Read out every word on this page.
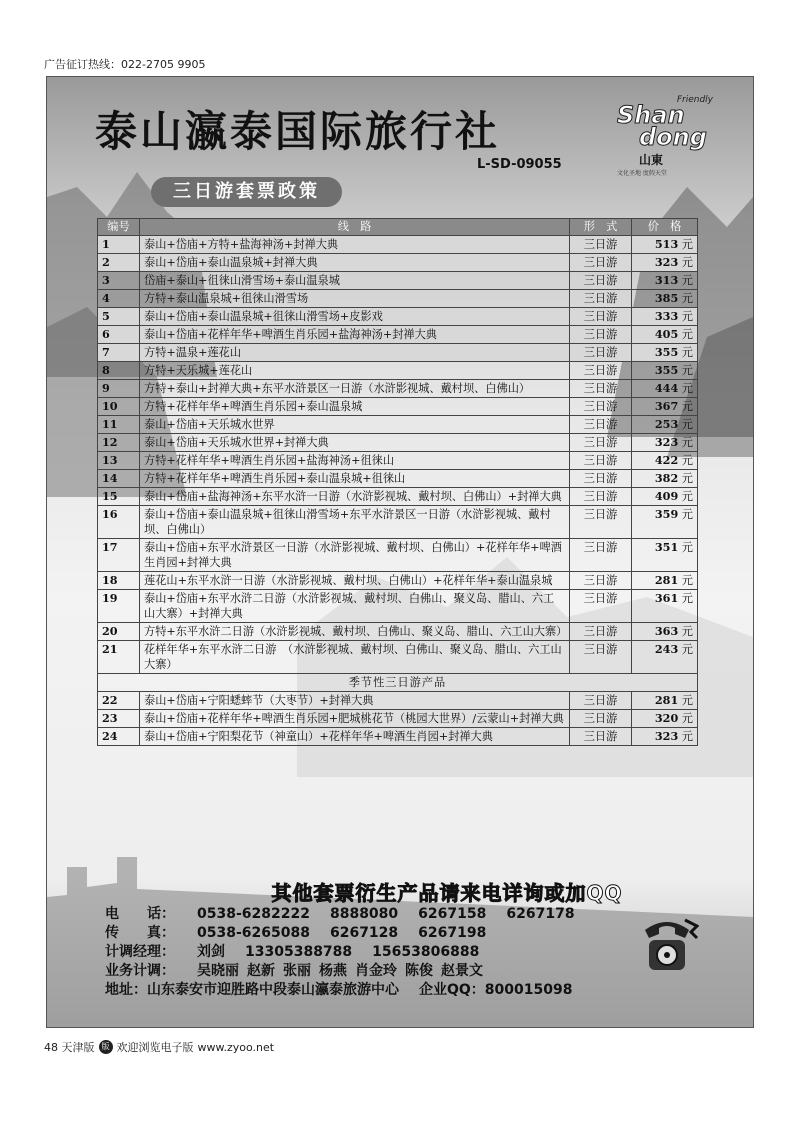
广告征订热线：022-2705 9905
泰山瀛泰国际旅行社
Friendly
Shan
dong
山東
文化圣地 度假天堂
L-SD-09055
三日游套票政策
编号	线　路	形　式	价　格
1	泰山+岱庙+方特+盐海神汤+封禅大典	三日游	513 元
2	泰山+岱庙+泰山温泉城+封禅大典	三日游	323 元
3	岱庙+泰山+徂徕山滑雪场+泰山温泉城	三日游	313 元
4	方特+泰山温泉城+徂徕山滑雪场	三日游	385 元
5	泰山+岱庙+泰山温泉城+徂徕山滑雪场+皮影戏	三日游	333 元
6	泰山+岱庙+花样年华+啤酒生肖乐园+盐海神汤+封禅大典	三日游	405 元
7	方特+温泉+莲花山	三日游	355 元
8	方特+天乐城+莲花山	三日游	355 元
9	方特+泰山+封禅大典+东平水浒景区一日游（水浒影视城、戴村坝、白佛山）	三日游	444 元
10	方特+花样年华+啤酒生肖乐园+泰山温泉城	三日游	367 元
11	泰山+岱庙+天乐城水世界	三日游	253 元
12	泰山+岱庙+天乐城水世界+封禅大典	三日游	323 元
13	方特+花样年华+啤酒生肖乐园+盐海神汤+徂徕山	三日游	422 元
14	方特+花样年华+啤酒生肖乐园+泰山温泉城+徂徕山	三日游	382 元
15	泰山+岱庙+盐海神汤+东平水浒一日游（水浒影视城、戴村坝、白佛山）+封禅大典	三日游	409 元
16	泰山+岱庙+泰山温泉城+徂徕山滑雪场+东平水浒景区一日游（水浒影视城、戴村坝、白佛山）	三日游	359 元
17	泰山+岱庙+东平水浒景区一日游（水浒影视城、戴村坝、白佛山）+花样年华+啤酒生肖园+封禅大典	三日游	351 元
18	莲花山+东平水浒一日游（水浒影视城、戴村坝、白佛山）+花样年华+泰山温泉城	三日游	281 元
19	泰山+岱庙+东平水浒二日游（水浒影视城、戴村坝、白佛山、聚义岛、腊山、六工山大寨）+封禅大典	三日游	361 元
20	方特+东平水浒二日游（水浒影视城、戴村坝、白佛山、聚义岛、腊山、六工山大寨）	三日游	363 元
21	花样年华+东平水浒二日游　（水浒影视城、戴村坝、白佛山、聚义岛、腊山、六工山大寨）	三日游	243 元
季节性三日游产品			
22	泰山+岱庙+宁阳蟋蟀节（大枣节）+封禅大典	三日游	281 元
23	泰山+岱庙+花样年华+啤酒生肖乐园+肥城桃花节（桃园大世界）/云蒙山+封禅大典	三日游	320 元
24	泰山+岱庙+宁阳梨花节（神童山）+花样年华+啤酒生肖园+封禅大典	三日游	323 元
其他套票衍生产品请来电详询或加QQ
电　　话： 0538-6282222 8888080 6267158 6267178
传　　真： 0538-6265088 6267128 6267198
计调经理： 刘剑 13305388788 15653806888
业务计调： 吴晓丽 赵新 张丽 杨燕 肖金玲 陈俊 赵景文
地址：山东泰安市迎胜路中段泰山瀛泰旅游中心 企业QQ：800015098
48 天津版 版 欢迎浏览电子版 www.zyoo.net
